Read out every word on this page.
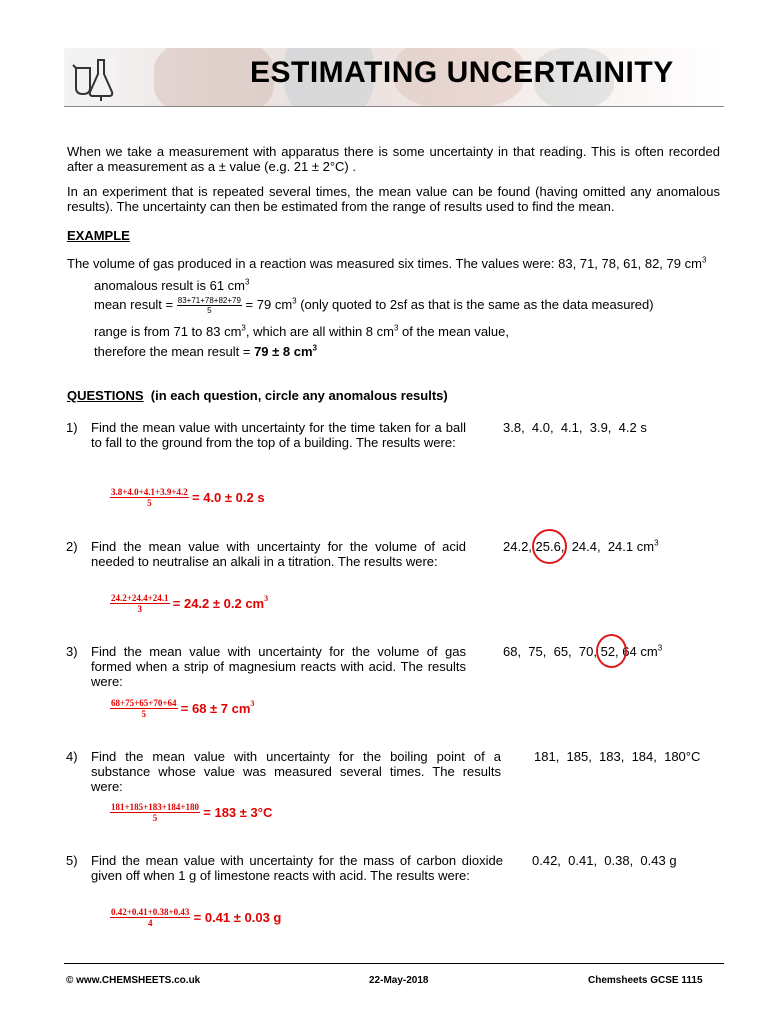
ESTIMATING UNCERTAINITY

When we take a measurement with apparatus there is some uncertainty in that reading. This is often recorded after a measurement as a ± value (e.g. 21 ± 2°C) .

In an experiment that is repeated several times, the mean value can be found (having omitted any anomalous results). The uncertainty can then be estimated from the range of results used to find the mean.

EXAMPLE
The volume of gas produced in a reaction was measured six times. The values were: 83, 71, 78, 61, 82, 79 $cm^3$
anomalous result is 61 $cm^3$
mean result = $\frac{83+71+78+82+79}{5} = 79$ $cm^3$ (only quoted to 2sf as that is the same as the data measured)
range is from 71 to 83 $cm^3$, which are all within 8 $cm^3$ of the mean value,
therefore the mean result = 79 ± 8 $cm^3$
QUESTIONS  (in each question, circle any anomalous results)
1) Find the mean value with uncertainty for the time taken for a ball to fall to the ground from the top of a building. The results were:

3.8,  4.0,  4.1,  3.9,  4.2 s
$\frac{3.8+4.0+4.1+3.9+4.2}{5} = 4.0 \pm 0.2$ s
2) Find the mean value with uncertainty for the volume of acid needed to neutralise an alkali in a titration. The results were:

24.2, 25.6,  24.4,  24.1 $cm^3$
$\frac{24.2+24.4+24.1}{3} = 24.2 \pm 0.2$ $cm^3$
3) Find the mean value with uncertainty for the volume of gas formed when a strip of magnesium reacts with acid. The results were:

68,  75,  65,  70, 52, 64 $cm^3$
$\frac{68+75+65+70+64}{5} = 68 \pm 7$ $cm^3$
4) Find the mean value with uncertainty for the boiling point of a substance whose value was measured several times. The results were:

181,  185,  183,  184,  180°C
$\frac{181+185+183+184+180}{5} = 183 \pm 3^\circ C$
5) Find the mean value with uncertainty for the mass of carbon dioxide given off when 1 g of limestone reacts with acid. The results were:

0.42,  0.41,  0.38,  0.43 g
$\frac{0.42+0.41+0.38+0.43}{4} = 0.41 \pm 0.03$ g
© www.CHEMSHEETS.co.uk	22-May-2018	Chemsheets GCSE 1115
